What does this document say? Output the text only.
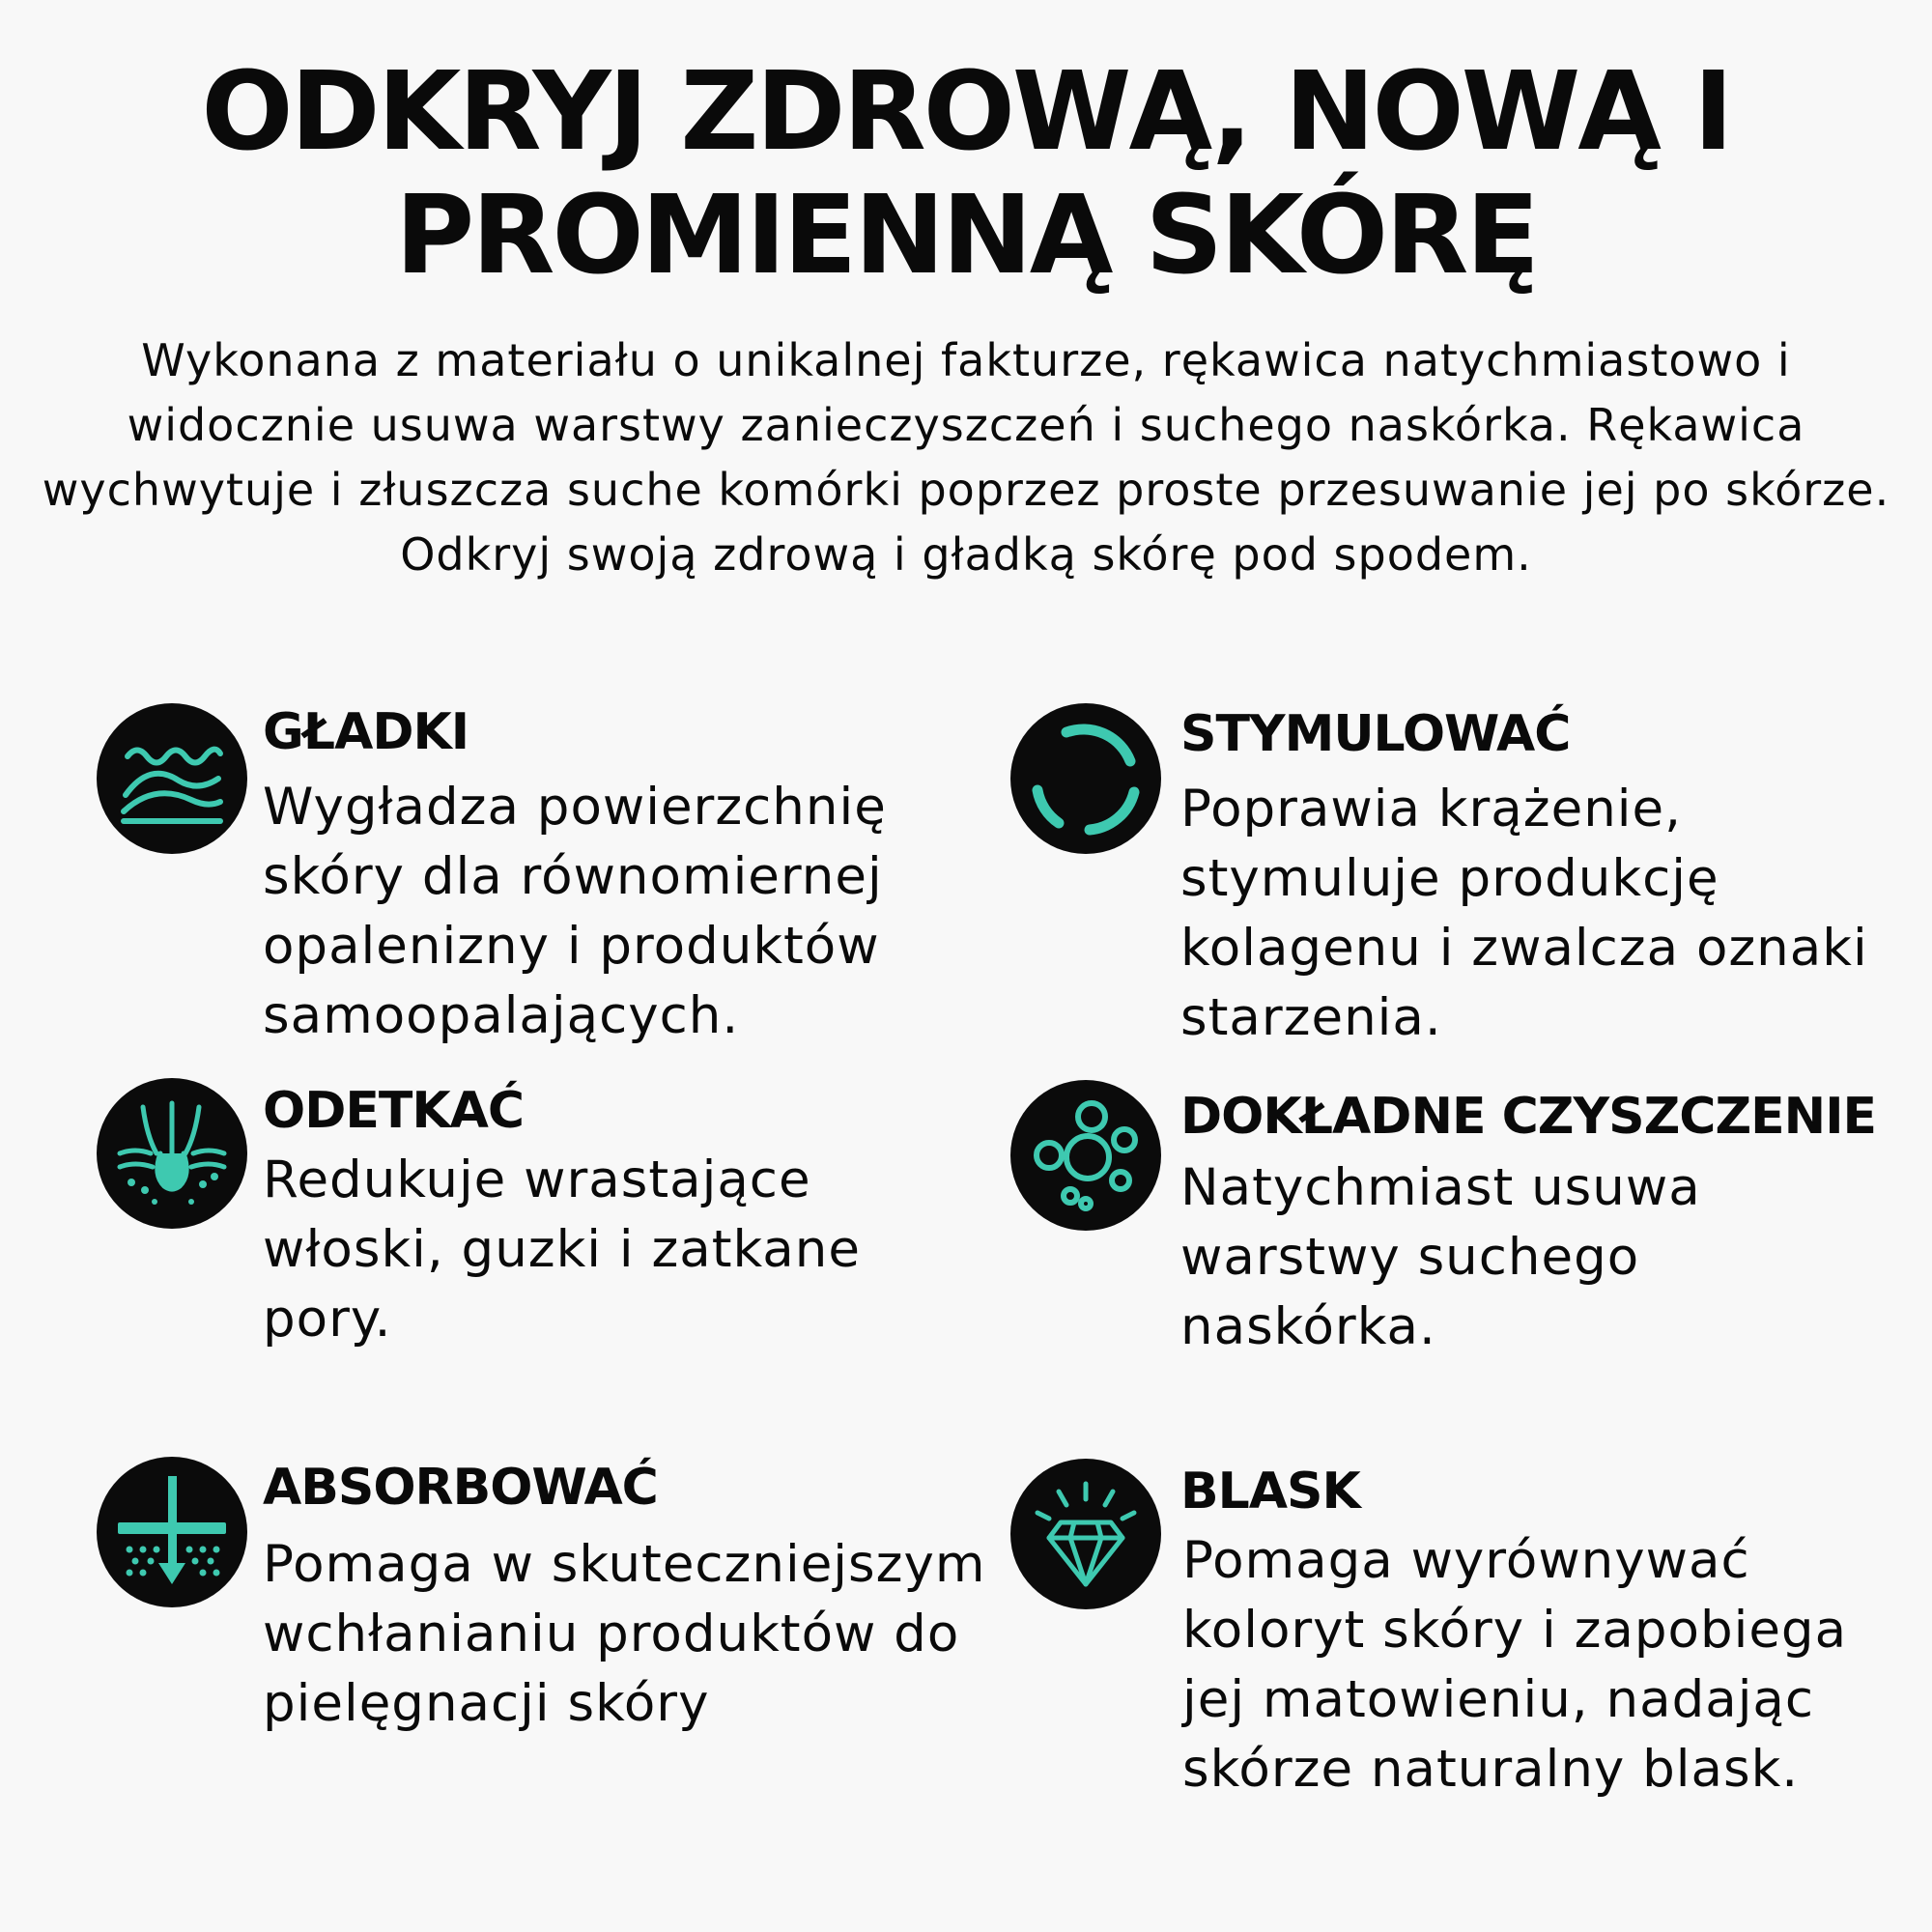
ODKRYJ ZDROWĄ, NOWĄ I
PROMIENNĄ SKÓRĘ

Wykonana z materiału o unikalnej fakturze, rękawica natychmiastowo i widocznie usuwa warstwy zanieczyszczeń i suchego naskórka. Rękawica wychwytuje i złuszcza suche komórki poprzez proste przesuwanie jej po skórze. Odkryj swoją zdrową i gładką skórę pod spodem.

GŁADKI

Wygładza powierzchnię skóry dla równomiernej opalenizny i produktów samoopalających.

STYMULOWAĆ

Poprawia krążenie, stymuluje produkcję kolagenu i zwalcza oznaki starzenia.

ODETKAĆ

Redukuje wrastające włoski, guzki i zatkane pory.

DOKŁADNE CZYSZCZENIE

Natychmiast usuwa warstwy suchego naskórka.

ABSORBOWAĆ

Pomaga w skuteczniejszym wchłanianiu produktów do pielęgnacji skóry

BLASK

Pomaga wyrównywać koloryt skóry i zapobiega jej matowieniu, nadając skórze naturalny blask.
